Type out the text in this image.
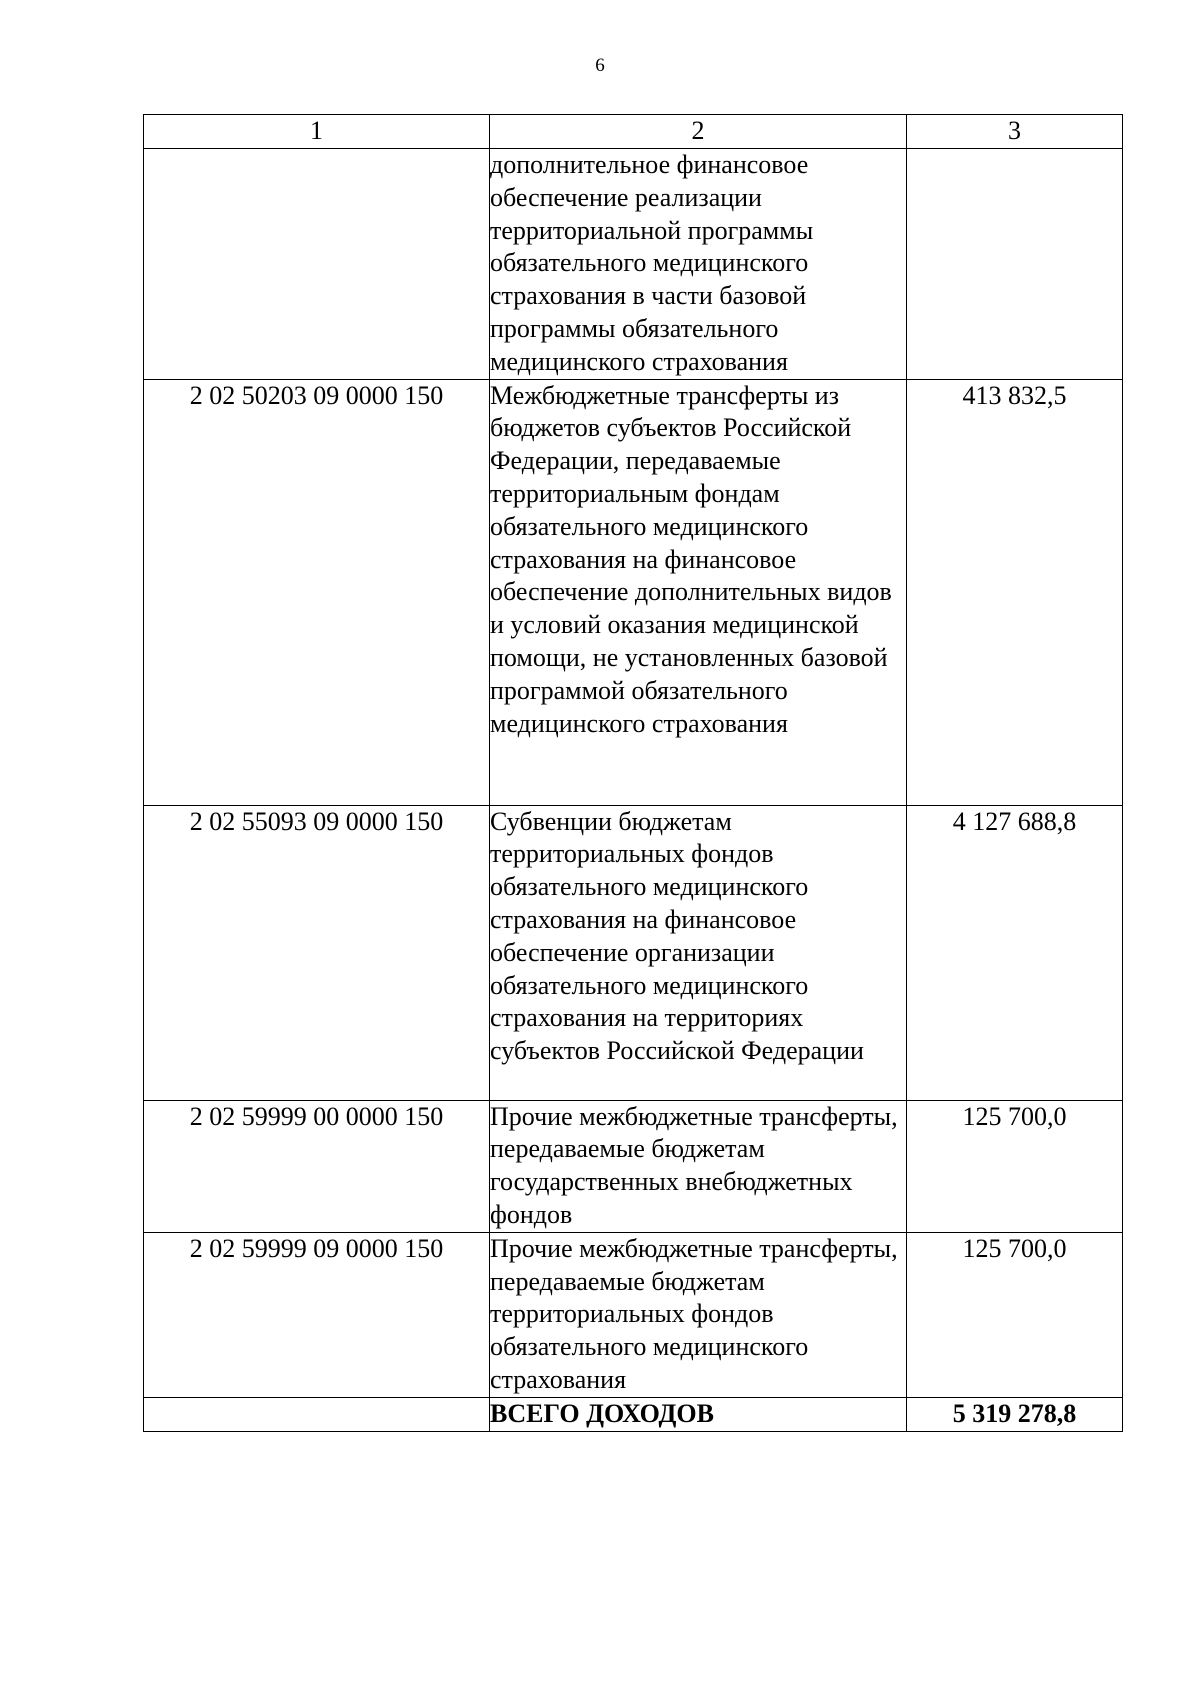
6
1	2	3
	дополнительное финансовое обеспечение реализации территориальной программы обязательного медицинского страхования в части базовой программы обязательного медицинского страхования	
2 02 50203 09 0000 150	Межбюджетные трансферты из бюджетов субъектов Российской Федерации, передаваемые территориальным фондам обязательного медицинского страхования на финансовое обеспечение дополнительных видов и условий оказания медицинской помощи, не установленных базовой программой обязательного медицинского страхования	413 832,5
2 02 55093 09 0000 150	Субвенции бюджетам территориальных фондов обязательного медицинского страхования на финансовое обеспечение организации обязательного медицинского страхования на территориях субъектов Российской Федерации	4 127 688,8
2 02 59999 00 0000 150	Прочие межбюджетные трансферты, передаваемые бюджетам государственных внебюджетных фондов	125 700,0
2 02 59999 09 0000 150	Прочие межбюджетные трансферты, передаваемые бюджетам территориальных фондов обязательного медицинского страхования	125 700,0
	ВСЕГО ДОХОДОВ	5 319 278,8
